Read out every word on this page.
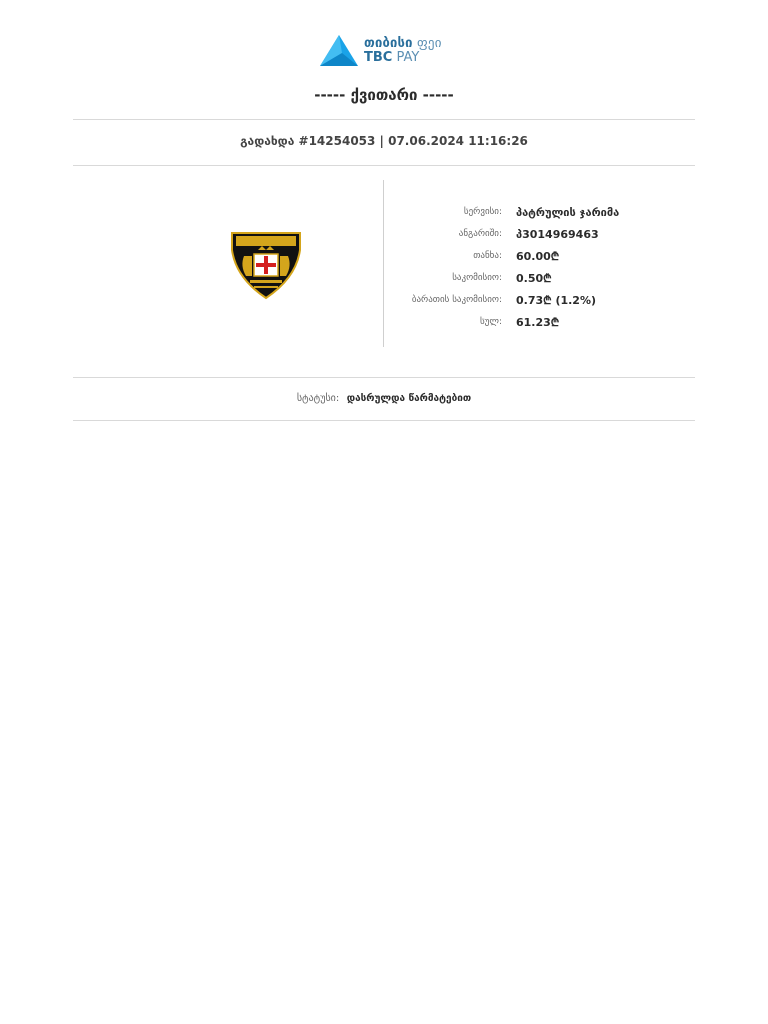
თიბისი ფეი
TBC PAY
----- ქვითარი -----
გადახდა #14254053 | 07.06.2024 11:16:26
სერვისი:	პატრულის ჯარიმა
ანგარიში:	პ3014969463
თანხა:	60.00₾
საკომისიო:	0.50₾
ბარათის საკომისიო:	0.73₾ (1.2%)
სულ:	61.23₾
სტატუსი: დასრულდა წარმატებით
